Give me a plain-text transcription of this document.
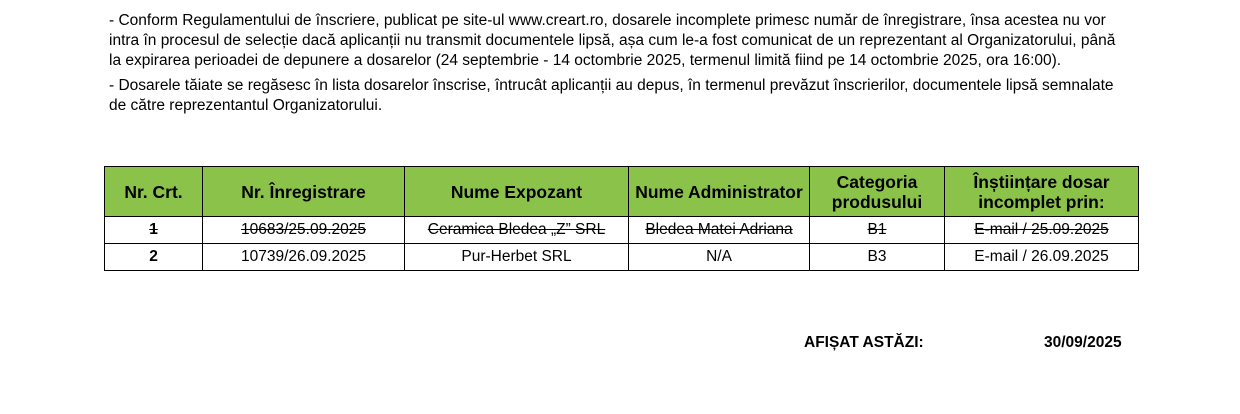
- Conform Regulamentului de înscriere, publicat pe site-ul www.creart.ro, dosarele incomplete primesc număr de înregistrare, însa acestea nu vor intra în procesul de selecție dacă aplicanții nu transmit documentele lipsă, așa cum le-a fost comunicat de un reprezentant al Organizatorului, până la expirarea perioadei de depunere a dosarelor (24 septembrie - 14 octombrie 2025, termenul limită fiind pe 14 octombrie 2025, ora 16:00).

- Dosarele tăiate se regăsesc în lista dosarelor înscrise, întrucât aplicanții au depus, în termenul prevăzut înscrierilor, documentele lipsă semnalate de către reprezentantul Organizatorului.

Nr. Crt.	Nr. Înregistrare	Nume Expozant	Nume Administrator	Categoria produsului	Înștiințare dosar incomplet prin:
1	10683/25.09.2025	Ceramica Bledea „Z” SRL	Bledea Matei Adriana	B1	E-mail / 25.09.2025
2	10739/26.09.2025	Pur-Herbet SRL	N/A	B3	E-mail / 26.09.2025
AFIȘAT ASTĂZI:	30/09/2025
